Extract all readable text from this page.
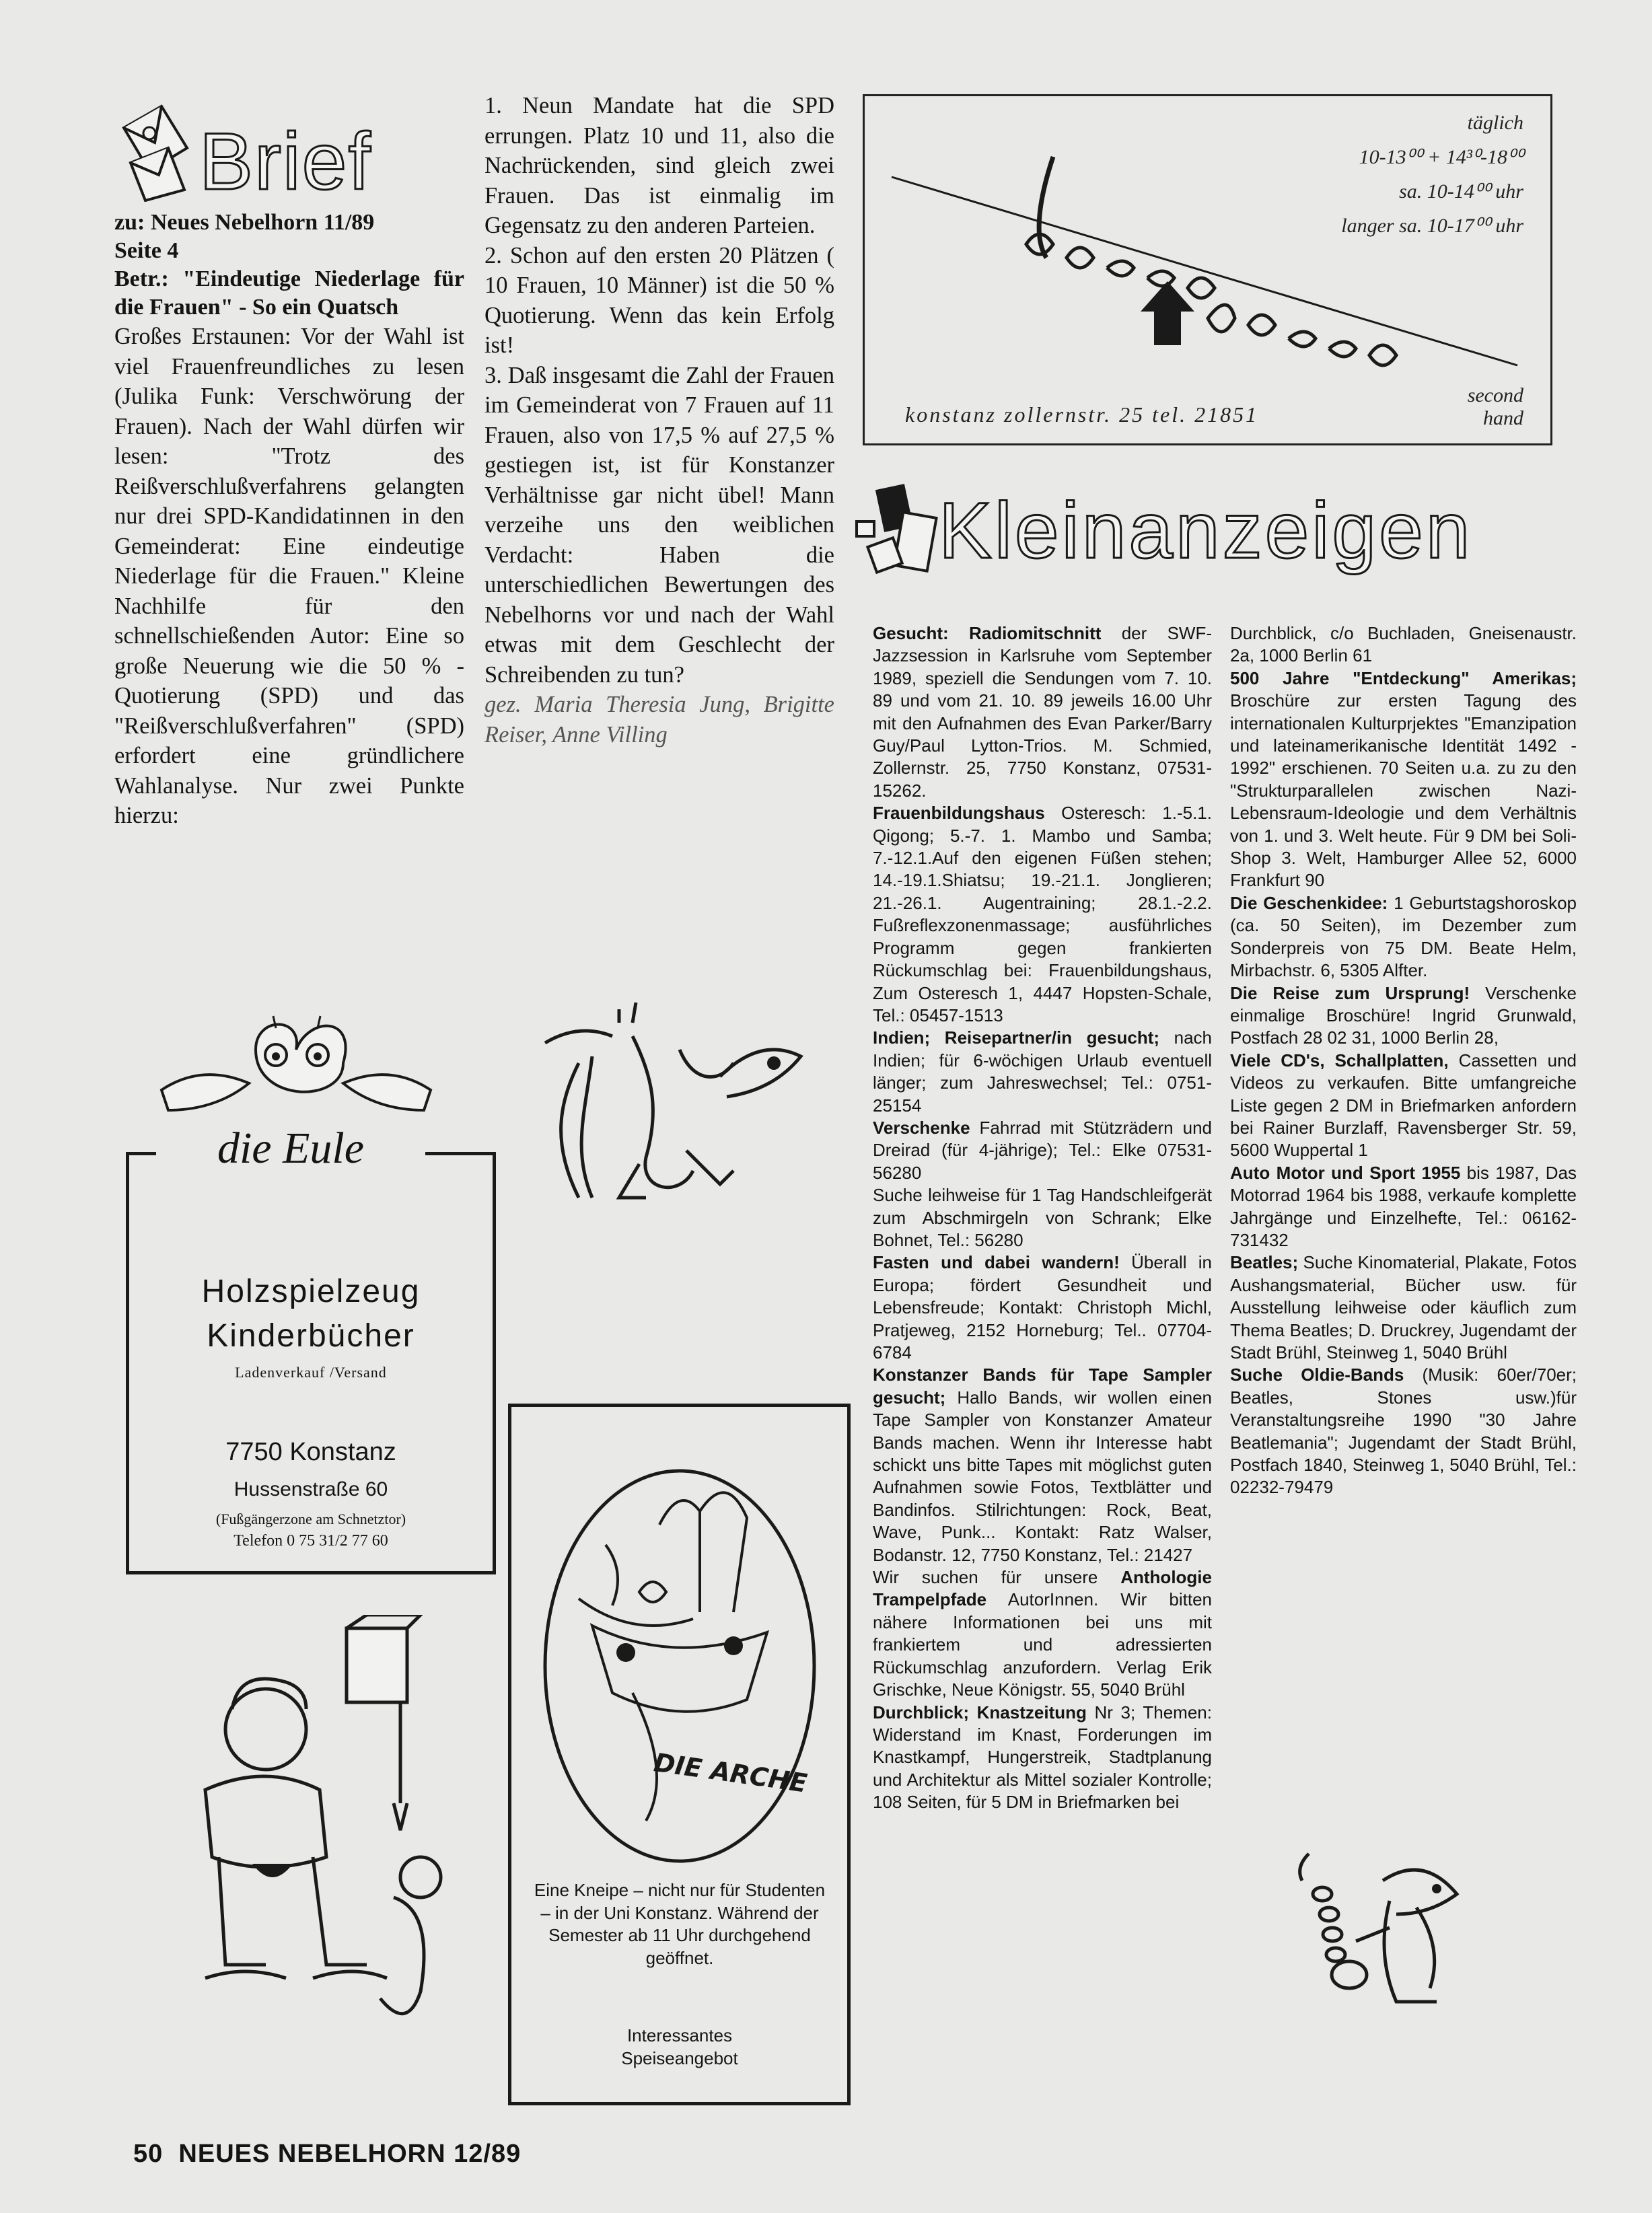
Brief
zu: Neues Nebelhorn 11/89
Seite 4
Betr.: "Eindeutige Niederlage für die Frauen" - So ein Quatsch

Großes Erstaunen: Vor der Wahl ist viel Frauenfreundliches zu lesen (Julika Funk: Verschwörung der Frauen). Nach der Wahl dürfen wir lesen: "Trotz des Reißverschlußverfahrens gelangten nur drei SPD-Kandidatinnen in den Gemeinderat: Eine eindeutige Niederlage für die Frauen." Kleine Nachhilfe für den schnellschießenden Autor: Eine so große Neuerung wie die 50 % -Quotierung (SPD) und das "Reißverschlußverfahren" (SPD) erfordert eine gründlichere Wahlanalyse. Nur zwei Punkte hierzu:

1. Neun Mandate hat die SPD errungen. Platz 10 und 11, also die Nachrückenden, sind gleich zwei Frauen. Das ist einmalig im Gegensatz zu den anderen Parteien.

2. Schon auf den ersten 20 Plätzen ( 10 Frauen, 10 Männer) ist die 50 % Quotierung. Wenn das kein Erfolg ist!

3. Daß insgesamt die Zahl der Frauen im Gemeinderat von 7 Frauen auf 11 Frauen, also von 17,5 % auf 27,5 % gestiegen ist, ist für Konstanzer Verhältnisse gar nicht übel! Mann verzeihe uns den weiblichen Verdacht: Haben die unterschiedlichen Bewertungen des Nebelhorns vor und nach der Wahl etwas mit dem Geschlecht der Schreibenden zu tun?

gez. Maria Theresia Jung, Brigitte Reiser, Anne Villing

täglich
10-13⁰⁰ + 14³⁰-18⁰⁰
sa. 10-14⁰⁰ uhr
langer sa. 10-17⁰⁰ uhr
konstanz zollernstr. 25 tel. 21851
second
hand
Kleinanzeigen

Gesucht: Radiomitschnitt der SWF-Jazzsession in Karlsruhe vom September 1989, speziell die Sendungen vom 7. 10. 89 und vom 21. 10. 89 jeweils 16.00 Uhr mit den Aufnahmen des Evan Parker/Barry Guy/Paul Lytton-Trios. M. Schmied, Zollernstr. 25, 7750 Konstanz, 07531-15262.

Frauenbildungshaus Osteresch: 1.-5.1. Qigong; 5.-7. 1. Mambo und Samba; 7.-12.1.Auf den eigenen Füßen stehen; 14.-19.1.Shiatsu; 19.-21.1. Jonglieren; 21.-26.1. Augentraining; 28.1.-2.2. Fußreflexzonenmassage; ausführliches Programm gegen frankierten Rückumschlag bei: Frauenbildungshaus, Zum Osteresch 1, 4447 Hopsten-Schale, Tel.: 05457-1513

Indien; Reisepartner/in gesucht; nach Indien; für 6-wöchigen Urlaub eventuell länger; zum Jahreswechsel; Tel.: 0751-25154

Verschenke Fahrrad mit Stützrädern und Dreirad (für 4-jährige); Tel.: Elke 07531-56280

Suche leihweise für 1 Tag Handschleifgerät zum Abschmirgeln von Schrank; Elke Bohnet, Tel.: 56280

Fasten und dabei wandern! Überall in Europa; fördert Gesundheit und Lebensfreude; Kontakt: Christoph Michl, Pratjeweg, 2152 Horneburg; Tel.. 07704-6784

Konstanzer Bands für Tape Sampler gesucht; Hallo Bands, wir wollen einen Tape Sampler von Konstanzer Amateur Bands machen. Wenn ihr Interesse habt schickt uns bitte Tapes mit möglichst guten Aufnahmen sowie Fotos, Textblätter und Bandinfos. Stilrichtungen: Rock, Beat, Wave, Punk... Kontakt: Ratz Walser, Bodanstr. 12, 7750 Konstanz, Tel.: 21427

Wir suchen für unsere Anthologie Trampelpfade AutorInnen. Wir bitten nähere Informationen bei uns mit frankiertem und adressierten Rückumschlag anzufordern. Verlag Erik Grischke, Neue Königstr. 55, 5040 Brühl

Durchblick; Knastzeitung Nr 3; Themen: Widerstand im Knast, Forderungen im Knastkampf, Hungerstreik, Stadtplanung und Architektur als Mittel sozialer Kontrolle; 108 Seiten, für 5 DM in Briefmarken bei

Durchblick, c/o Buchladen, Gneisenaustr. 2a, 1000 Berlin 61

500 Jahre "Entdeckung" Amerikas; Broschüre zur ersten Tagung des internationalen Kulturprjektes "Emanzipation und lateinamerikanische Identität 1492 - 1992" erschienen. 70 Seiten u.a. zu zu den "Strukturparallelen zwischen Nazi-Lebensraum-Ideologie und dem Verhältnis von 1. und 3. Welt heute. Für 9 DM bei Soli-Shop 3. Welt, Hamburger Allee 52, 6000 Frankfurt 90

Die Geschenkidee: 1 Geburtstagshoroskop (ca. 50 Seiten), im Dezember zum Sonderpreis von 75 DM. Beate Helm, Mirbachstr. 6, 5305 Alfter.

Die Reise zum Ursprung! Verschenke einmalige Broschüre! Ingrid Grunwald, Postfach 28 02 31, 1000 Berlin 28,

Viele CD's, Schallplatten, Cassetten und Videos zu verkaufen. Bitte umfangreiche Liste gegen 2 DM in Briefmarken anfordern bei Rainer Burzlaff, Ravensberger Str. 59, 5600 Wuppertal 1

Auto Motor und Sport 1955 bis 1987, Das Motorrad 1964 bis 1988, verkaufe komplette Jahrgänge und Einzelhefte, Tel.: 06162-731432

Beatles; Suche Kinomaterial, Plakate, Fotos Aushangsmaterial, Bücher usw. für Ausstellung leihweise oder käuflich zum Thema Beatles; D. Druckrey, Jugendamt der Stadt Brühl, Steinweg 1, 5040 Brühl

Suche Oldie-Bands (Musik: 60er/70er; Beatles, Stones usw.)für Veranstaltungsreihe 1990 "30 Jahre Beatlemania"; Jugendamt der Stadt Brühl, Postfach 1840, Steinweg 1, 5040 Brühl, Tel.: 02232-79479

die Eule
Holzspielzeug
Kinderbücher
Ladenverkauf /Versand
7750 Konstanz
Hussenstraße 60
(Fußgängerzone am Schnetztor)
Telefon 0 75 31/2 77 60
DIE ARCHE
Eine Kneipe – nicht nur für Studenten – in der Uni Konstanz. Während der Semester ab 11 Uhr durchgehend geöffnet.
Interessantes Speiseangebot
50 NEUES NEBELHORN 12/89
